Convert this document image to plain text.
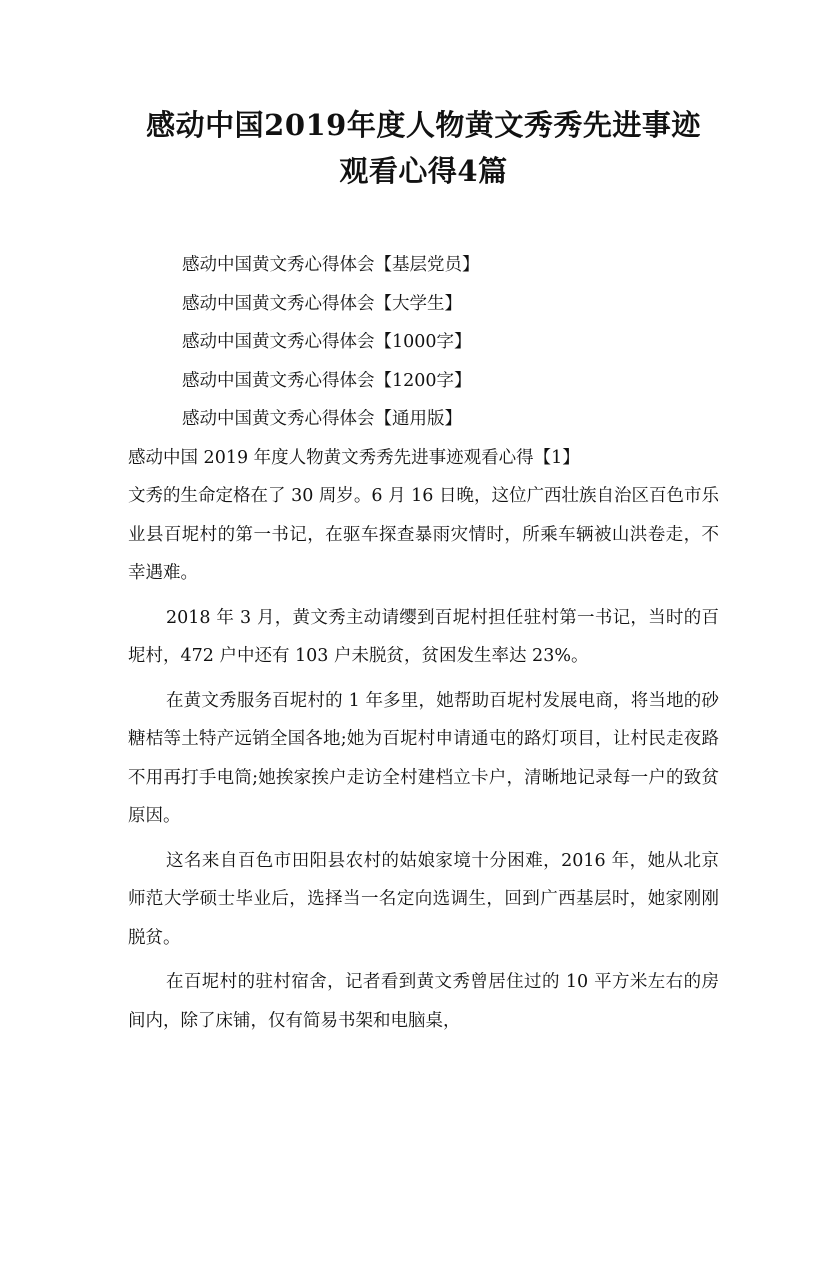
感动中国2019年度人物黄文秀秀先进事迹
观看心得4篇
感动中国黄文秀心得体会【基层党员】
感动中国黄文秀心得体会【大学生】
感动中国黄文秀心得体会【1000字】
感动中国黄文秀心得体会【1200字】
感动中国黄文秀心得体会【通用版】
感动中国 2019 年度人物黄文秀秀先进事迹观看心得【1】

文秀的生命定格在了 30 周岁。6 月 16 日晚，这位广西壮族自治区百色市乐业县百坭村的第一书记，在驱车探查暴雨灾情时，所乘车辆被山洪卷走，不幸遇难。

2018 年 3 月，黄文秀主动请缨到百坭村担任驻村第一书记，当时的百坭村，472 户中还有 103 户未脱贫，贫困发生率达 23%。

在黄文秀服务百坭村的 1 年多里，她帮助百坭村发展电商，将当地的砂糖桔等土特产远销全国各地;她为百坭村申请通屯的路灯项目，让村民走夜路不用再打手电筒;她挨家挨户走访全村建档立卡户，清晰地记录每一户的致贫原因。

这名来自百色市田阳县农村的姑娘家境十分困难，2016 年，她从北京师范大学硕士毕业后，选择当一名定向选调生，回到广西基层时，她家刚刚脱贫。

在百坭村的驻村宿舍，记者看到黄文秀曾居住过的 10 平方米左右的房间内，除了床铺，仅有简易书架和电脑桌，
